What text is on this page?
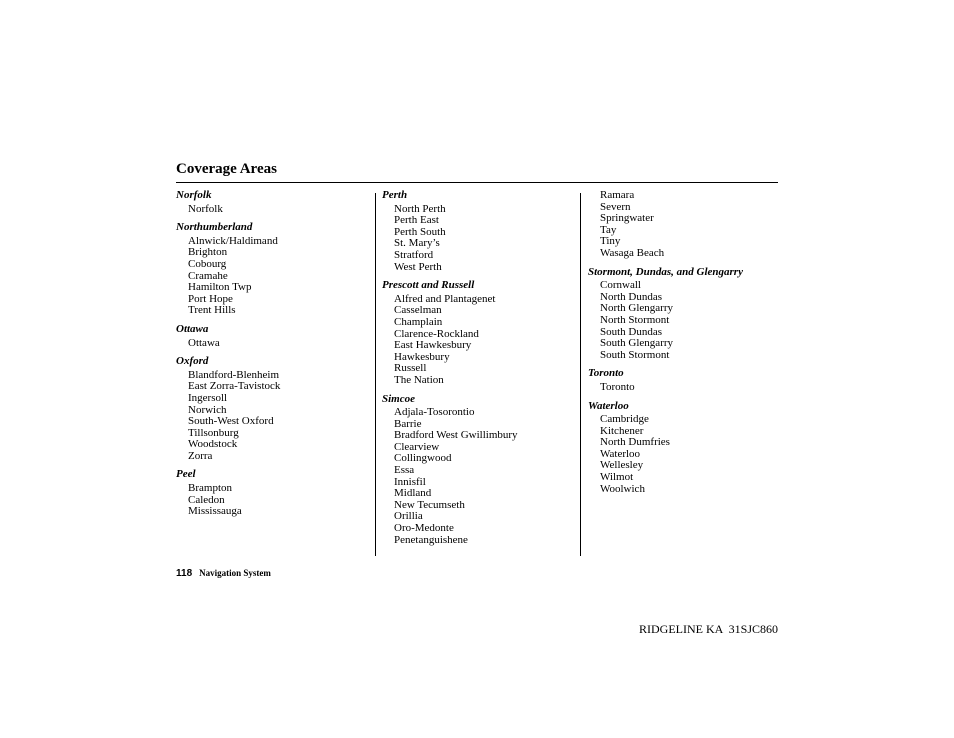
Coverage Areas
Norfolk
Norfolk
Northumberland
Alnwick/Haldimand
Brighton
Cobourg
Cramahe
Hamilton Twp
Port Hope
Trent Hills
Ottawa
Ottawa
Oxford
Blandford-Blenheim
East Zorra-Tavistock
Ingersoll
Norwich
South-West Oxford
Tillsonburg
Woodstock
Zorra
Peel
Brampton
Caledon
Mississauga
Perth
North Perth
Perth East
Perth South
St. Mary’s
Stratford
West Perth
Prescott and Russell
Alfred and Plantagenet
Casselman
Champlain
Clarence-Rockland
East Hawkesbury
Hawkesbury
Russell
The Nation
Simcoe
Adjala-Tosorontio
Barrie
Bradford West Gwillimbury
Clearview
Collingwood
Essa
Innisfil
Midland
New Tecumseth
Orillia
Oro-Medonte
Penetanguishene
Ramara
Severn
Springwater
Tay
Tiny
Wasaga Beach
Stormont, Dundas, and Glengarry
Cornwall
North Dundas
North Glengarry
North Stormont
South Dundas
South Glengarry
South Stormont
Toronto
Toronto
Waterloo
Cambridge
Kitchener
North Dumfries
Waterloo
Wellesley
Wilmot
Woolwich
118 Navigation System
RIDGELINE KA  31SJC860
